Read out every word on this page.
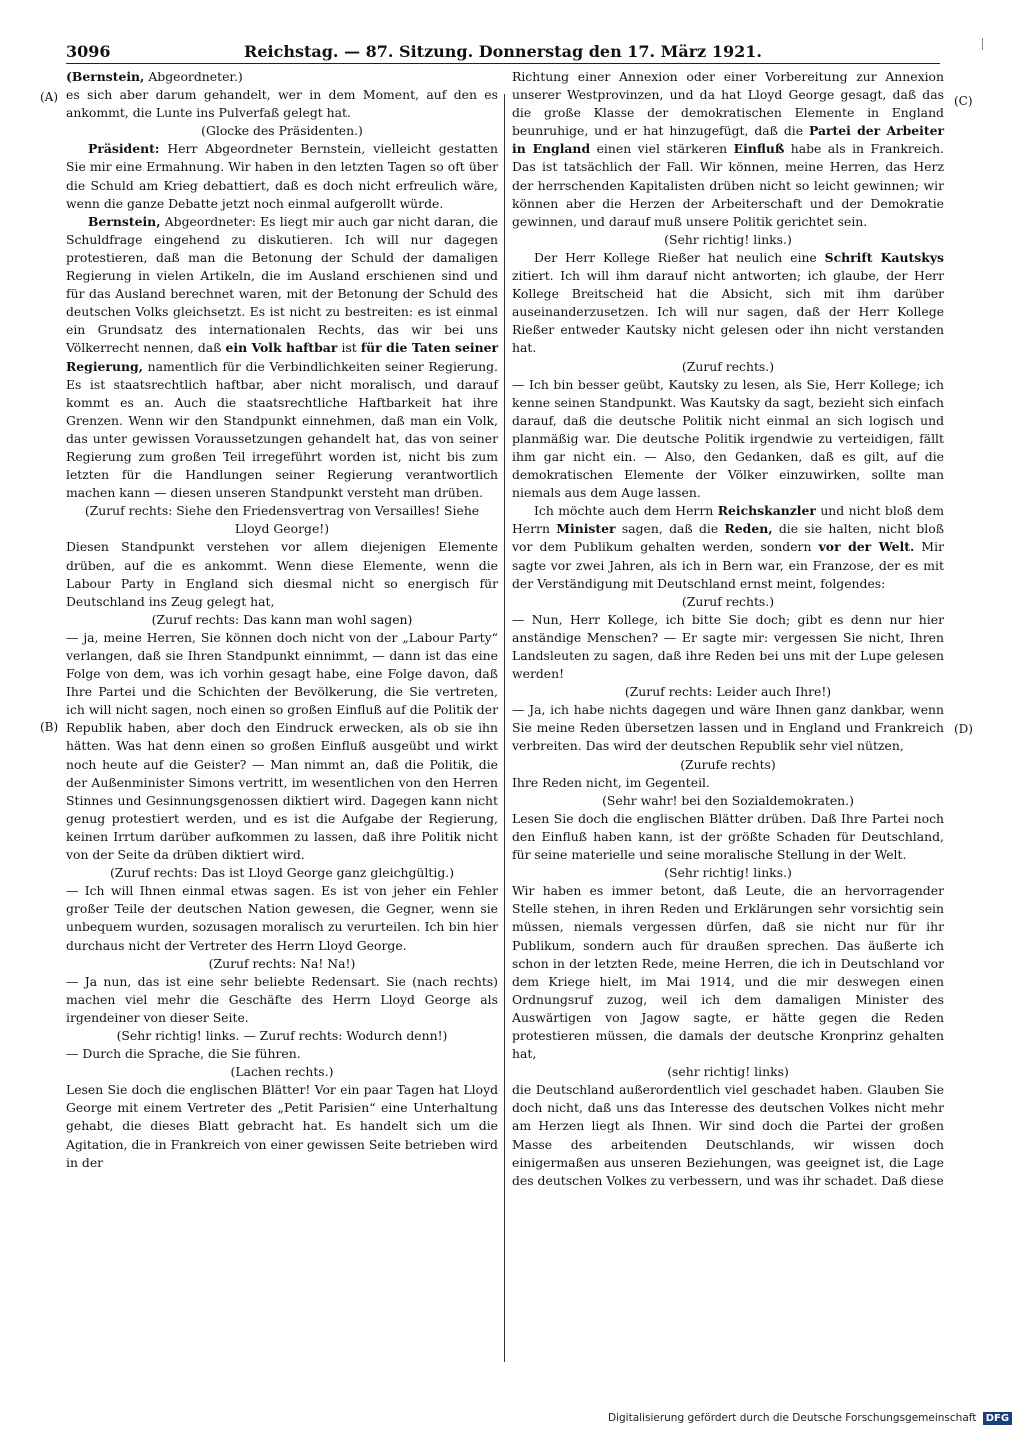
3096	Reichstag. — 87. Sitzung. Donnerstag den 17. März 1921.

(Bernstein, Abgeordneter.)

es sich aber darum gehandelt, wer in dem Moment, auf den es ankommt, die Lunte ins Pulverfaß gelegt hat.

(Glocke des Präsidenten.)

Präsident: Herr Abgeordneter Bernstein, vielleicht gestatten Sie mir eine Ermahnung. Wir haben in den letzten Tagen so oft über die Schuld am Krieg debattiert, daß es doch nicht erfreulich wäre, wenn die ganze Debatte jetzt noch einmal aufgerollt würde.

Bernstein, Abgeordneter: Es liegt mir auch gar nicht daran, die Schuldfrage eingehend zu diskutieren. Ich will nur dagegen protestieren, daß man die Betonung der Schuld der damaligen Regierung in vielen Artikeln, die im Ausland erschienen sind und für das Ausland berechnet waren, mit der Betonung der Schuld des deutschen Volks gleichsetzt. Es ist nicht zu bestreiten: es ist einmal ein Grundsatz des internationalen Rechts, das wir bei uns Völkerrecht nennen, daß ein Volk haftbar ist für die Taten seiner Regierung, namentlich für die Verbindlichkeiten seiner Regierung. Es ist staatsrechtlich haftbar, aber nicht moralisch, und darauf kommt es an. Auch die staatsrechtliche Haftbarkeit hat ihre Grenzen. Wenn wir den Standpunkt einnehmen, daß man ein Volk, das unter gewissen Voraussetzungen gehandelt hat, das von seiner Regierung zum großen Teil irregeführt worden ist, nicht bis zum letzten für die Handlungen seiner Regierung verantwortlich machen kann — diesen unseren Standpunkt versteht man drüben.

(Zuruf rechts: Siehe den Friedensvertrag von Versailles! Siehe Lloyd George!)

Diesen Standpunkt verstehen vor allem diejenigen Elemente drüben, auf die es ankommt. Wenn diese Elemente, wenn die Labour Party in England sich diesmal nicht so energisch für Deutschland ins Zeug gelegt hat,

(Zuruf rechts: Das kann man wohl sagen)

— ja, meine Herren, Sie können doch nicht von der „Labour Party“ verlangen, daß sie Ihren Standpunkt einnimmt, — dann ist das eine Folge von dem, was ich vorhin gesagt habe, eine Folge davon, daß Ihre Partei und die Schichten der Bevölkerung, die Sie vertreten, ich will nicht sagen, noch einen so großen Einfluß auf die Politik der Republik haben, aber doch den Eindruck erwecken, als ob sie ihn hätten. Was hat denn einen so großen Einfluß ausgeübt und wirkt noch heute auf die Geister? — Man nimmt an, daß die Politik, die der Außenminister Simons vertritt, im wesentlichen von den Herren Stinnes und Gesinnungsgenossen diktiert wird. Dagegen kann nicht genug protestiert werden, und es ist die Aufgabe der Regierung, keinen Irrtum darüber aufkommen zu lassen, daß ihre Politik nicht von der Seite da drüben diktiert wird.

(Zuruf rechts: Das ist Lloyd George ganz gleichgültig.)

— Ich will Ihnen einmal etwas sagen. Es ist von jeher ein Fehler großer Teile der deutschen Nation gewesen, die Gegner, wenn sie unbequem wurden, sozusagen moralisch zu verurteilen. Ich bin hier durchaus nicht der Vertreter des Herrn Lloyd George.

(Zuruf rechts: Na! Na!)

— Ja nun, das ist eine sehr beliebte Redensart. Sie (nach rechts) machen viel mehr die Geschäfte des Herrn Lloyd George als irgendeiner von dieser Seite.

(Sehr richtig! links. — Zuruf rechts: Wodurch denn!)

— Durch die Sprache, die Sie führen.

(Lachen rechts.)

Lesen Sie doch die englischen Blätter! Vor ein paar Tagen hat Lloyd George mit einem Vertreter des „Petit Parisien“ eine Unterhaltung gehabt, die dieses Blatt gebracht hat. Es handelt sich um die Agitation, die in Frankreich von einer gewissen Seite betrieben wird in der

Richtung einer Annexion oder einer Vorbereitung zur Annexion unserer Westprovinzen, und da hat Lloyd George gesagt, daß das die große Klasse der demokratischen Elemente in England beunruhige, und er hat hinzugefügt, daß die Partei der Arbeiter in England einen viel stärkeren Einfluß habe als in Frankreich. Das ist tatsächlich der Fall. Wir können, meine Herren, das Herz der herrschenden Kapitalisten drüben nicht so leicht gewinnen; wir können aber die Herzen der Arbeiterschaft und der Demokratie gewinnen, und darauf muß unsere Politik gerichtet sein.

(Sehr richtig! links.)

Der Herr Kollege Rießer hat neulich eine Schrift Kautskys zitiert. Ich will ihm darauf nicht antworten; ich glaube, der Herr Kollege Breitscheid hat die Absicht, sich mit ihm darüber auseinanderzusetzen. Ich will nur sagen, daß der Herr Kollege Rießer entweder Kautsky nicht gelesen oder ihn nicht verstanden hat.

(Zuruf rechts.)

— Ich bin besser geübt, Kautsky zu lesen, als Sie, Herr Kollege; ich kenne seinen Standpunkt. Was Kautsky da sagt, bezieht sich einfach darauf, daß die deutsche Politik nicht einmal an sich logisch und planmäßig war. Die deutsche Politik irgendwie zu verteidigen, fällt ihm gar nicht ein. — Also, den Gedanken, daß es gilt, auf die demokratischen Elemente der Völker einzuwirken, sollte man niemals aus dem Auge lassen.

Ich möchte auch dem Herrn Reichskanzler und nicht bloß dem Herrn Minister sagen, daß die Reden, die sie halten, nicht bloß vor dem Publikum gehalten werden, sondern vor der Welt. Mir sagte vor zwei Jahren, als ich in Bern war, ein Franzose, der es mit der Verständigung mit Deutschland ernst meint, folgendes:

(Zuruf rechts.)

— Nun, Herr Kollege, ich bitte Sie doch; gibt es denn nur hier anständige Menschen? — Er sagte mir: vergessen Sie nicht, Ihren Landsleuten zu sagen, daß ihre Reden bei uns mit der Lupe gelesen werden!

(Zuruf rechts: Leider auch Ihre!)

— Ja, ich habe nichts dagegen und wäre Ihnen ganz dankbar, wenn Sie meine Reden übersetzen lassen und in England und Frankreich verbreiten. Das wird der deutschen Republik sehr viel nützen,

(Zurufe rechts)

Ihre Reden nicht, im Gegenteil.

(Sehr wahr! bei den Sozialdemokraten.)

Lesen Sie doch die englischen Blätter drüben. Daß Ihre Partei noch den Einfluß haben kann, ist der größte Schaden für Deutschland, für seine materielle und seine moralische Stellung in der Welt.

(Sehr richtig! links.)

Wir haben es immer betont, daß Leute, die an hervorragender Stelle stehen, in ihren Reden und Erklärungen sehr vorsichtig sein müssen, niemals vergessen dürfen, daß sie nicht nur für ihr Publikum, sondern auch für draußen sprechen. Das äußerte ich schon in der letzten Rede, meine Herren, die ich in Deutschland vor dem Kriege hielt, im Mai 1914, und die mir deswegen einen Ordnungsruf zuzog, weil ich dem damaligen Minister des Auswärtigen von Jagow sagte, er hätte gegen die Reden protestieren müssen, die damals der deutsche Kronprinz gehalten hat,

(sehr richtig! links)

die Deutschland außerordentlich viel geschadet haben. Glauben Sie doch nicht, daß uns das Interesse des deutschen Volkes nicht mehr am Herzen liegt als Ihnen. Wir sind doch die Partei der großen Masse des arbeitenden Deutschlands, wir wissen doch einigermaßen aus unseren Beziehungen, was geeignet ist, die Lage des deutschen Volkes zu verbessern, und was ihr schadet. Daß diese

(A)
(B)
(C)
(D)
Digitalisierung gefördert durch die Deutsche Forschungsgemeinschaft DFG
